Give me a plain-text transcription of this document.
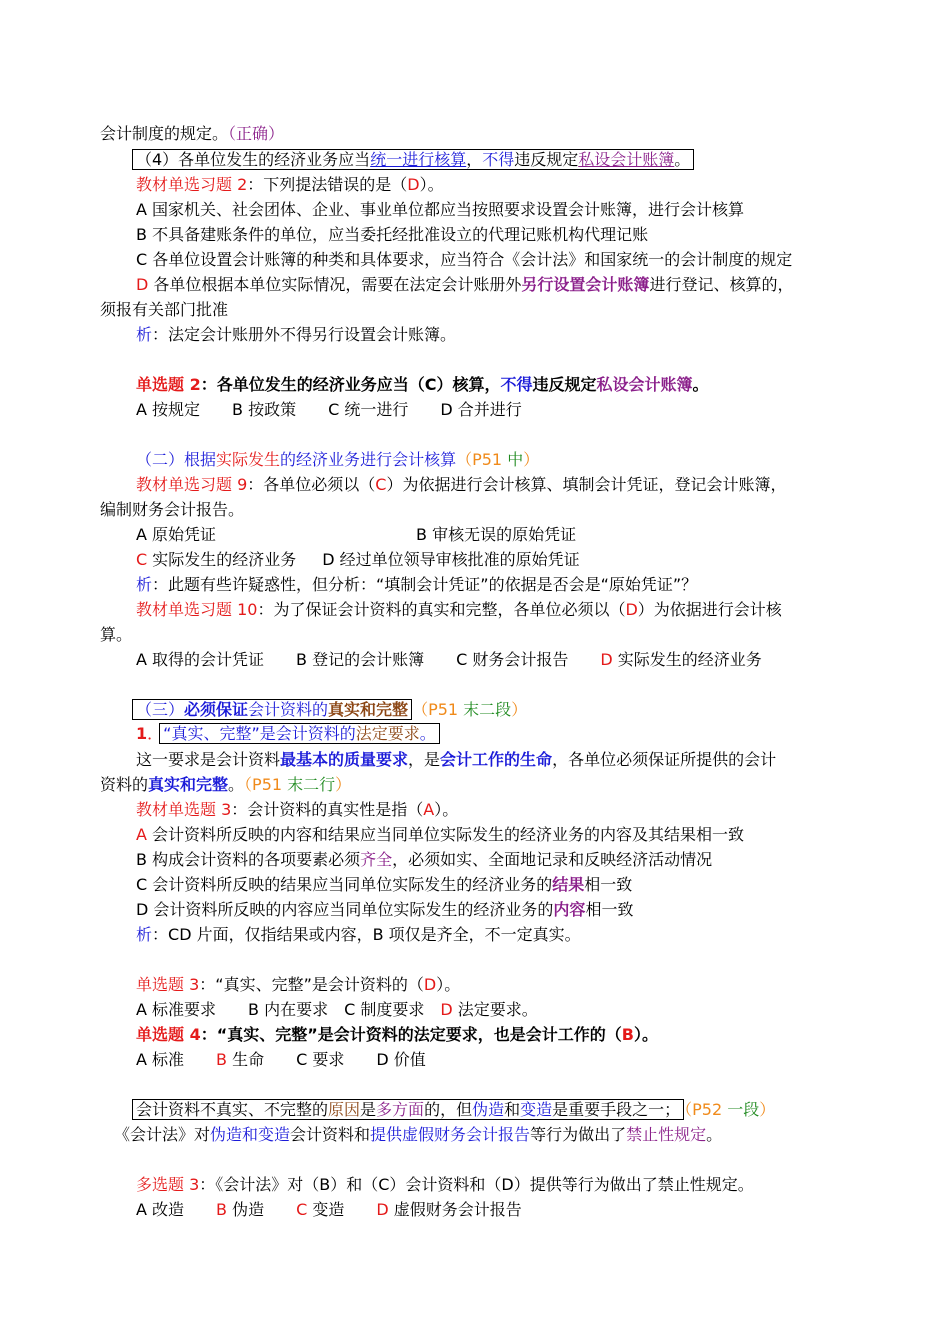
会计制度的规定。（正确）
（4）各单位发生的经济业务应当统一进行核算，不得违反规定私设会计账簿。
教材单选习题 2：下列提法错误的是（D）。
A 国家机关、社会团体、企业、事业单位都应当按照要求设置会计账簿，进行会计核算
B 不具备建账条件的单位，应当委托经批准设立的代理记账机构代理记账
C 各单位设置会计账簿的种类和具体要求，应当符合《会计法》和国家统一的会计制度的规定
D 各单位根据本单位实际情况，需要在法定会计账册外另行设置会计账簿进行登记、核算的，
须报有关部门批准
析：法定会计账册外不得另行设置会计账簿。
单选题 2：各单位发生的经济业务应当（C）核算，不得违反规定私设会计账簿。
A 按规定　　B 按政策　　C 统一进行　　D 合并进行
（二）根据实际发生的经济业务进行会计核算（P51 中）
教材单选习题 9：各单位必须以（C）为依据进行会计核算、填制会计凭证，登记会计账簿，
编制财务会计报告。
A 原始凭证	B 审核无误的原始凭证
C 实际发生的经济业务 D 经过单位领导审核批准的原始凭证
析：此题有些许疑惑性，但分析：“填制会计凭证”的依据是否会是“原始凭证”？
教材单选习题 10：为了保证会计资料的真实和完整，各单位必须以（D）为依据进行会计核
算。
A 取得的会计凭证　　B 登记的会计账簿　　C 财务会计报告　　D 实际发生的经济业务
（三）必须保证会计资料的真实和完整 （P51 末二段）
1．“真实、完整”是会计资料的法定要求。
这一要求是会计资料最基本的质量要求，是会计工作的生命，各单位必须保证所提供的会计
资料的真实和完整。（P51 末二行）
教材单选题 3：会计资料的真实性是指（A）。
A 会计资料所反映的内容和结果应当同单位实际发生的经济业务的内容及其结果相一致
B 构成会计资料的各项要素必须齐全，必须如实、全面地记录和反映经济活动情况
C 会计资料所反映的结果应当同单位实际发生的经济业务的结果相一致
D 会计资料所反映的内容应当同单位实际发生的经济业务的内容相一致
析：CD 片面，仅指结果或内容，B 项仅是齐全，不一定真实。
单选题 3：“真实、完整”是会计资料的（D）。
A 标准要求　　B 内在要求　C 制度要求　D 法定要求。
单选题 4：“真实、完整”是会计资料的法定要求，也是会计工作的（B）。
A 标准　　B 生命　　C 要求　　D 价值
会计资料不真实、不完整的原因是多方面的，但伪造和变造是重要手段之一； （P52 一段）
《会计法》对伪造和变造会计资料和提供虚假财务会计报告等行为做出了禁止性规定。
多选题 3：《会计法》对（B）和（C）会计资料和（D）提供等行为做出了禁止性规定。
A 改造　　B 伪造　　C 变造　　D 虚假财务会计报告
